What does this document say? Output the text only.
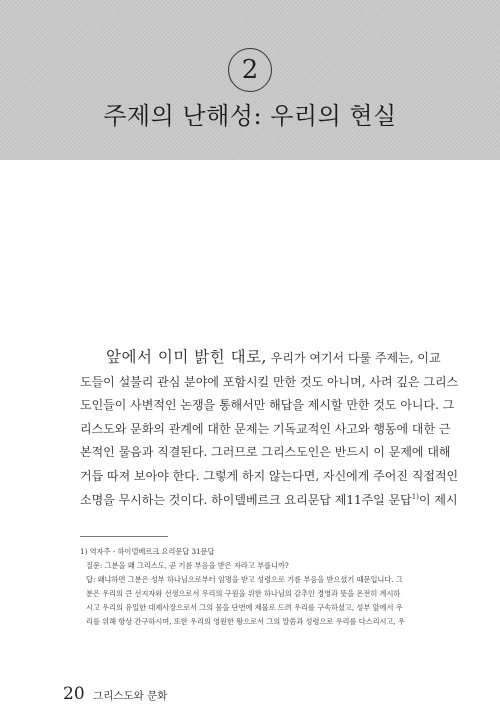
2
주제의 난해성: 우리의 현실
앞에서 이미 밝힌 대로, 우리가 여기서 다룰 주제는, 이교
도들이 설불리 관심 분야에 포함시킬 만한 것도 아니며, 사려 깊은 그리스
도인들이 사변적인 논쟁을 통해서만 해답을 제시할 만한 것도 아니다. 그
리스도와 문화의 관계에 대한 문제는 기독교적인 사고와 행동에 대한 근
본적인 물음과 직결된다. 그러므로 그리스도인은 반드시 이 문제에 대해
거듭 따져 보아야 한다. 그렇게 하지 않는다면, 자신에게 주어진 직접적인
소명을 무시하는 것이다. 하이델베르크 요리문답 제11주일 문답$^{1)}$이 제시
1) 역자주 - 하이델베르크 요리문답 31문답
질문: 그분을 왜 그리스도, 곧 기름 부음을 받은 자라고 부릅니까?
답: 왜냐하면 그분은 성부 하나님으로부터 임명을 받고 성령으로 기름 부음을 받으셨기 때문입니다. 그
분은 우리의 큰 선지자와 선생으로서 우리의 구원을 위한 하나님의 감추인 경영과 뜻을 온전히 계시하
시고 우리의 유일한 대제사장으로서 그의 몸을 단번에 제물로 드려 우리를 구속하셨고, 성부 앞에서 우
리를 위해 항상 간구하시며, 또한 우리의 영원한 왕으로서 그의 말씀과 성령으로 우리를 다스리시고, 우
20 그리스도와 문화
